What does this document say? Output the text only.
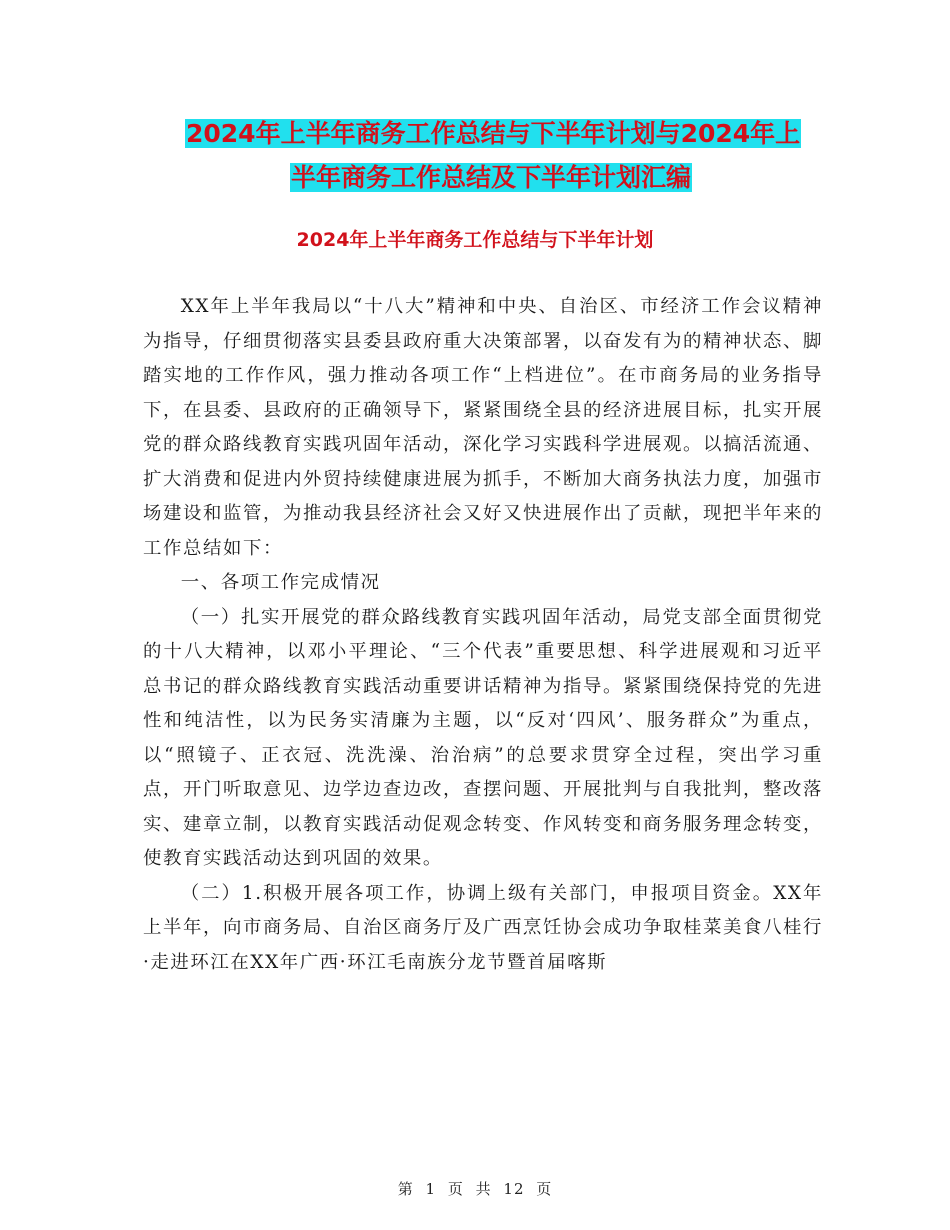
2024年上半年商务工作总结与下半年计划与2024年上
半年商务工作总结及下半年计划汇编
2024年上半年商务工作总结与下半年计划

XX年上半年我局以“十八大”精神和中央、自治区、市经济工作会议精神为指导，仔细贯彻落实县委县政府重大决策部署，以奋发有为的精神状态、脚踏实地的工作作风，强力推动各项工作“上档进位”。在市商务局的业务指导下，在县委、县政府的正确领导下，紧紧围绕全县的经济进展目标，扎实开展党的群众路线教育实践巩固年活动，深化学习实践科学进展观。以搞活流通、扩大消费和促进内外贸持续健康进展为抓手，不断加大商务执法力度，加强市场建设和监管，为推动我县经济社会又好又快进展作出了贡献，现把半年来的工作总结如下：

一、各项工作完成情况

（一）扎实开展党的群众路线教育实践巩固年活动，局党支部全面贯彻党的十八大精神，以邓小平理论、“三个代表”重要思想、科学进展观和习近平总书记的群众路线教育实践活动重要讲话精神为指导。紧紧围绕保持党的先进性和纯洁性，以为民务实清廉为主题，以“反对‘四风’、服务群众”为重点，以“照镜子、正衣冠、洗洗澡、治治病”的总要求贯穿全过程，突出学习重点，开门听取意见、边学边查边改，查摆问题、开展批判与自我批判，整改落实、建章立制，以教育实践活动促观念转变、作风转变和商务服务理念转变，使教育实践活动达到巩固的效果。

（二）1.积极开展各项工作，协调上级有关部门，申报项目资金。XX年上半年，向市商务局、自治区商务厅及广西烹饪协会成功争取桂菜美食八桂行·走进环江在XX年广西·环江毛南族分龙节暨首届喀斯

第 1 页 共 12 页
